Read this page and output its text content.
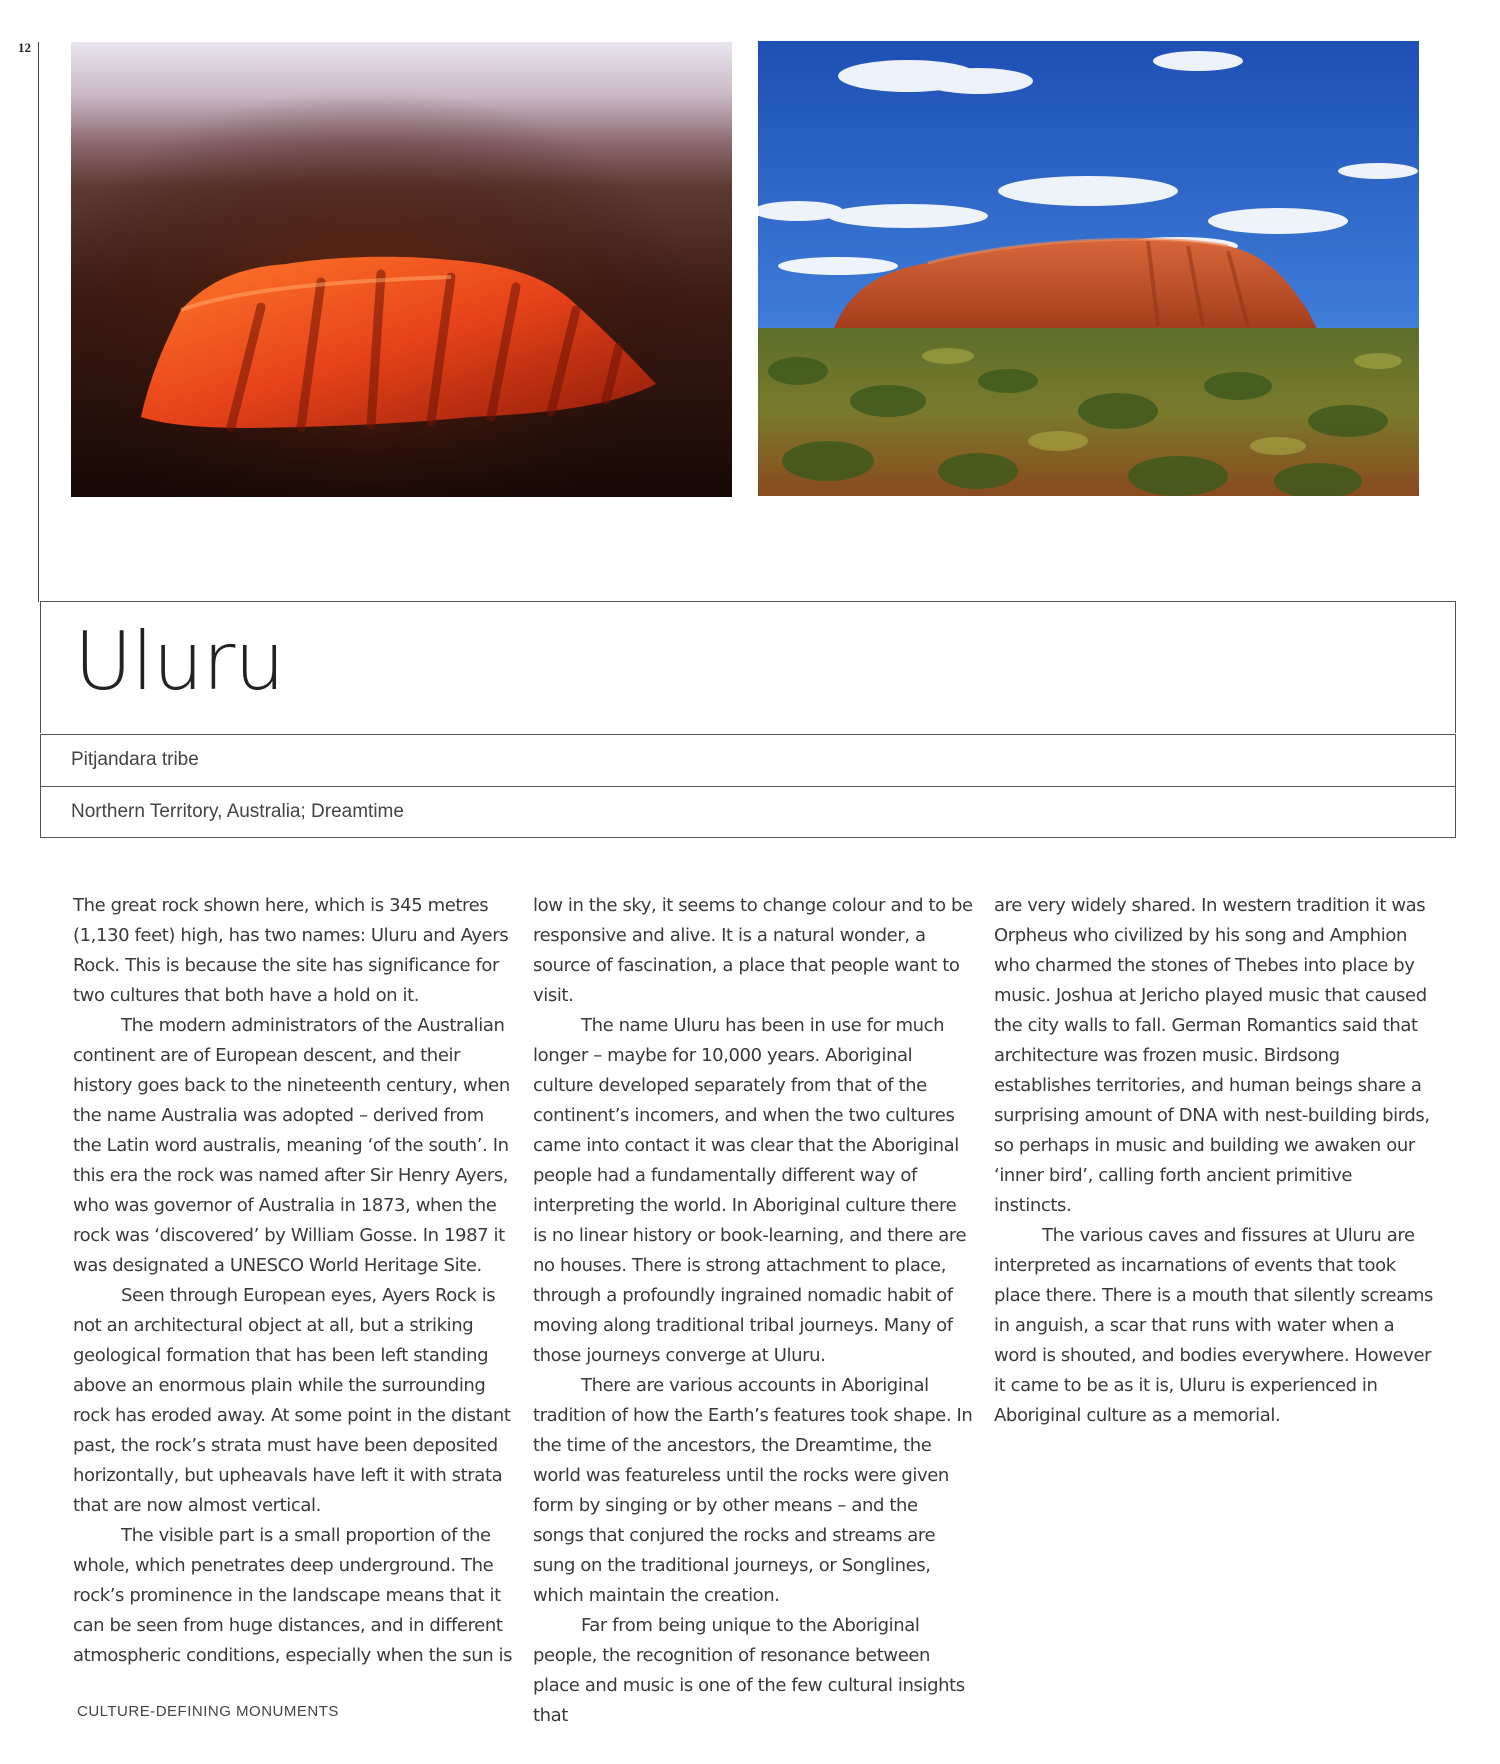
12
Uluru
Pitjandara tribe
Northern Territory, Australia; Dreamtime

The great rock shown here, which is 345 metres (1,130 feet) high, has two names: Uluru and Ayers Rock. This is because the site has significance for two cultures that both have a hold on it.

The modern administrators of the Australian continent are of European descent, and their history goes back to the nineteenth century, when the name Australia was adopted – derived from the Latin word australis, meaning ‘of the south’. In this era the rock was named after Sir Henry Ayers, who was governor of Australia in 1873, when the rock was ‘discovered’ by William Gosse. In 1987 it was designated a UNESCO World Heritage Site.

Seen through European eyes, Ayers Rock is not an architectural object at all, but a striking geological formation that has been left standing above an enormous plain while the surrounding rock has eroded away. At some point in the distant past, the rock’s strata must have been deposited horizontally, but upheavals have left it with strata that are now almost vertical.

The visible part is a small proportion of the whole, which penetrates deep underground. The rock’s prominence in the landscape means that it can be seen from huge distances, and in different atmospheric conditions, especially when the sun is

low in the sky, it seems to change colour and to be responsive and alive. It is a natural wonder, a source of fascination, a place that people want to visit.

The name Uluru has been in use for much longer – maybe for 10,000 years. Aboriginal culture developed separately from that of the continent’s incomers, and when the two cultures came into contact it was clear that the Aboriginal people had a fundamentally different way of interpreting the world. In Aboriginal culture there is no linear history or book-learning, and there are no houses. There is strong attachment to place, through a profoundly ingrained nomadic habit of moving along traditional tribal journeys. Many of those journeys converge at Uluru.

There are various accounts in Aboriginal tradition of how the Earth’s features took shape. In the time of the ancestors, the Dreamtime, the world was featureless until the rocks were given form by singing or by other means – and the songs that conjured the rocks and streams are sung on the traditional journeys, or Songlines, which maintain the creation.

Far from being unique to the Aboriginal people, the recognition of resonance between place and music is one of the few cultural insights that

are very widely shared. In western tradition it was Orpheus who civilized by his song and Amphion who charmed the stones of Thebes into place by music. Joshua at Jericho played music that caused the city walls to fall. German Romantics said that architecture was frozen music. Birdsong establishes territories, and human beings share a surprising amount of DNA with nest-building birds, so perhaps in music and building we awaken our ‘inner bird’, calling forth ancient primitive instincts.

The various caves and fissures at Uluru are interpreted as incarnations of events that took place there. There is a mouth that silently screams in anguish, a scar that runs with water when a word is shouted, and bodies everywhere. However it came to be as it is, Uluru is experienced in Aboriginal culture as a memorial.

CULTURE-DEFINING MONUMENTS
